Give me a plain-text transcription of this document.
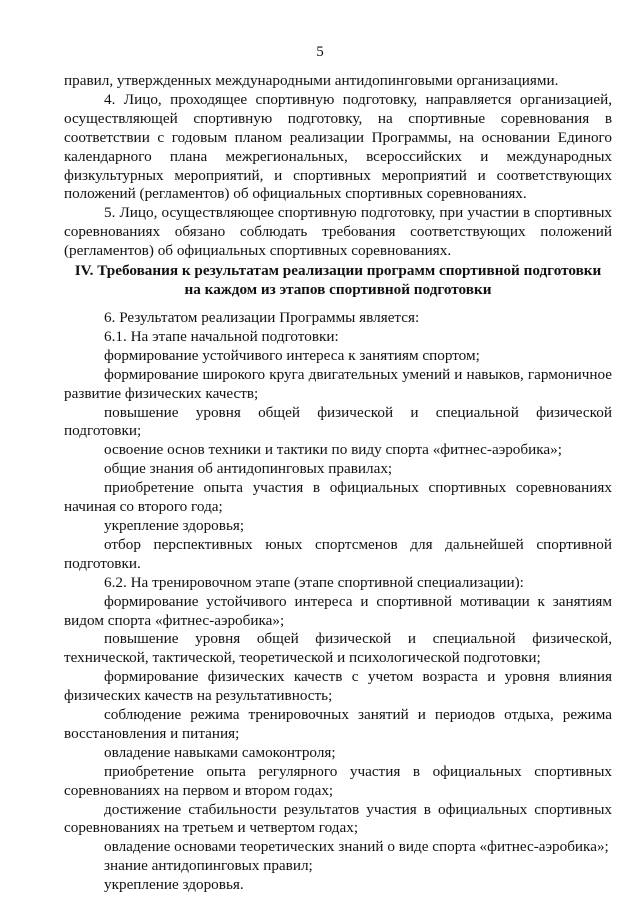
5

правил, утвержденных международными антидопинговыми организациями.

4. Лицо, проходящее спортивную подготовку, направляется организацией, осуществляющей спортивную подготовку, на спортивные соревнования в соответствии с годовым планом реализации Программы, на основании Единого календарного плана межрегиональных, всероссийских и международных физкультурных мероприятий, и спортивных мероприятий и соответствующих положений (регламентов) об официальных спортивных соревнованиях.

5. Лицо, осуществляющее спортивную подготовку, при участии в спортивных соревнованиях обязано соблюдать требования соответствующих положений (регламентов) об официальных спортивных соревнованиях.

IV. Требования к результатам реализации программ спортивной подготовки
на каждом из этапов спортивной подготовки

6. Результатом реализации Программы является:

6.1. На этапе начальной подготовки:

формирование устойчивого интереса к занятиям спортом;

формирование широкого круга двигательных умений и навыков, гармоничное развитие физических качеств;

повышение уровня общей физической и специальной физической подготовки;

освоение основ техники и тактики по виду спорта «фитнес-аэробика»;

общие знания об антидопинговых правилах;

приобретение опыта участия в официальных спортивных соревнованиях начиная со второго года;

укрепление здоровья;

отбор перспективных юных спортсменов для дальнейшей спортивной подготовки.

6.2. На тренировочном этапе (этапе спортивной специализации):

формирование устойчивого интереса и спортивной мотивации к занятиям видом спорта «фитнес-аэробика»;

повышение уровня общей физической и специальной физической, технической, тактической, теоретической и психологической подготовки;

формирование физических качеств с учетом возраста и уровня влияния физических качеств на результативность;

соблюдение режима тренировочных занятий и периодов отдыха, режима восстановления и питания;

овладение навыками самоконтроля;

приобретение опыта регулярного участия в официальных спортивных соревнованиях на первом и втором годах;

достижение стабильности результатов участия в официальных спортивных соревнованиях на третьем и четвертом годах;

овладение основами теоретических знаний о виде спорта «фитнес-аэробика»;

знание антидопинговых правил;

укрепление здоровья.
